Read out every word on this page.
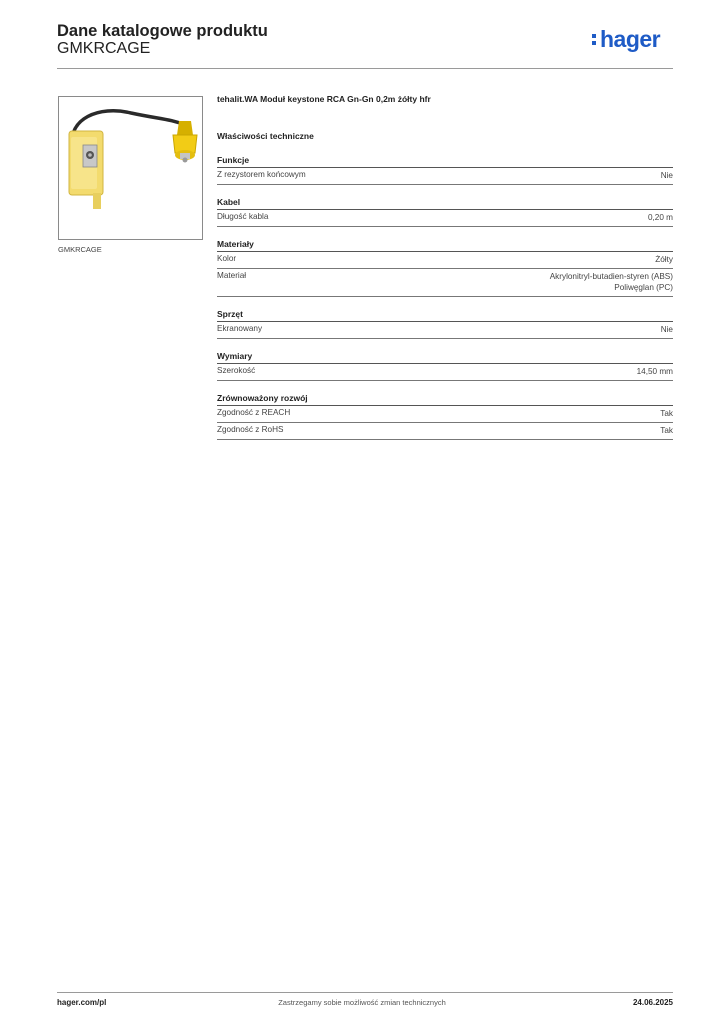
Dane katalogowe produktu
GMKRCAGE	hager
GMKRCAGE
tehalit.WA Moduł keystone RCA Gn-Gn 0,2m żółty hfr
Właściwości techniczne
Funkcje
Z rezystorem końcowym	Nie
Kabel
Długość kabla	0,20 m
Materiały
Kolor	Żółty
Materiał	Akrylonitryl-butadien-styren (ABS)
Poliwęglan (PC)
Sprzęt
Ekranowany	Nie
Wymiary
Szerokość	14,50 mm
Zrównoważony rozwój
Zgodność z REACH	Tak
Zgodność z RoHS	Tak
hager.com/pl	Zastrzegamy sobie możliwość zmian technicznych	24.06.2025
